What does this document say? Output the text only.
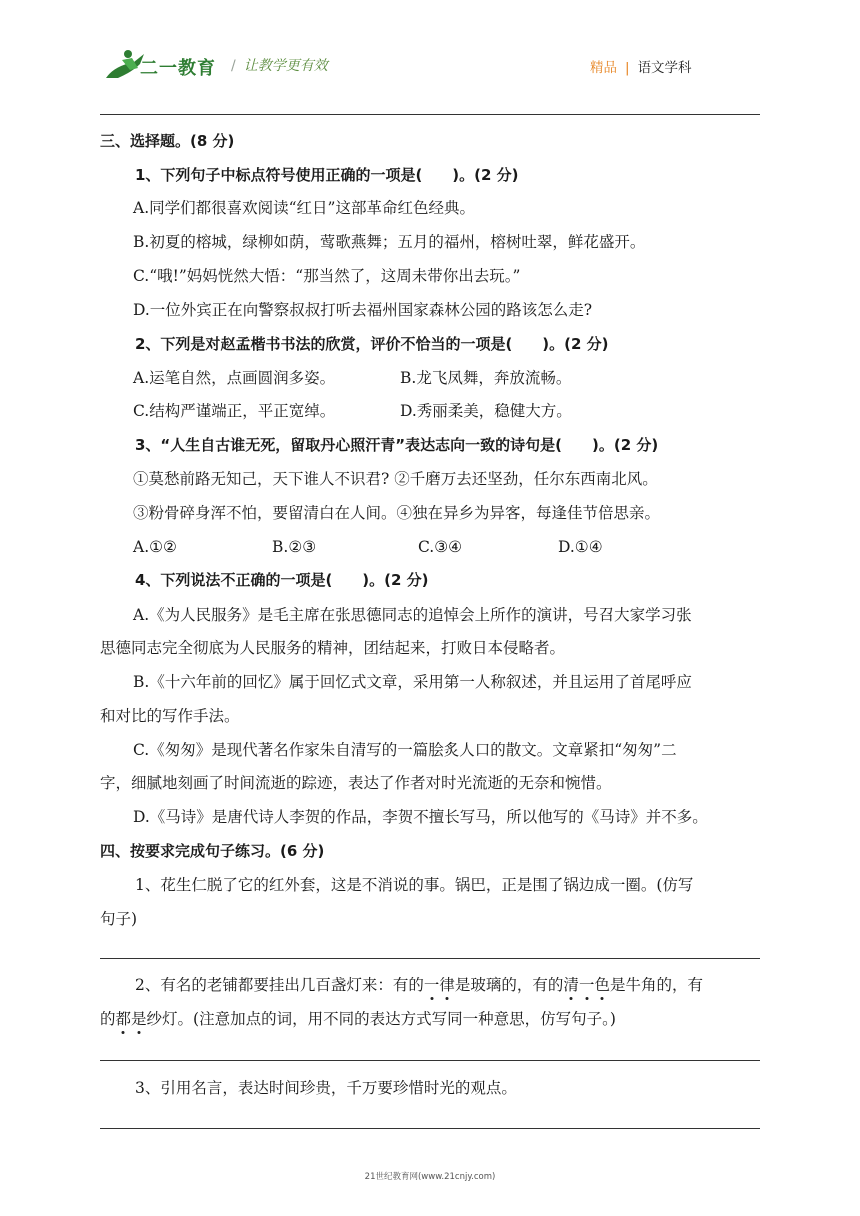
二一教育 / 让教学更有效	精品 | 语文学科
三、选择题。(8 分)
1、下列句子中标点符号使用正确的一项是(　　)。(2 分)
A.同学们都很喜欢阅读“红日”这部革命红色经典。
B.初夏的榕城，绿柳如荫，莺歌燕舞；五月的福州，榕树吐翠，鲜花盛开。
C.“哦!”妈妈恍然大悟：“那当然了，这周未带你出去玩。”
D.一位外宾正在向警察叔叔打听去福州国家森林公园的路该怎么走?
2、下列是对赵孟楷书书法的欣赏，评价不恰当的一项是(　　)。(2 分)
A.运笔自然，点画圆润多姿。	B.龙飞凤舞，奔放流畅。
C.结构严谨端正，平正宽绰。	D.秀丽柔美，稳健大方。
3、“人生自古谁无死，留取丹心照汗青”表达志向一致的诗句是(　　)。(2 分)
①莫愁前路无知己，天下谁人不识君? ②千磨万去还坚劲，任尔东西南北风。
③粉骨碎身浑不怕，要留清白在人间。④独在异乡为异客，每逢佳节倍思亲。
A.①②	B.②③	C.③④	D.①④
4、下列说法不正确的一项是(　　)。(2 分)
A.《为人民服务》是毛主席在张思德同志的追悼会上所作的演讲，号召大家学习张
思德同志完全彻底为人民服务的精神，团结起来，打败日本侵略者。
B.《十六年前的回忆》属于回忆式文章，采用第一人称叙述，并且运用了首尾呼应
和对比的写作手法。
C.《匆匆》是现代著名作家朱自清写的一篇脍炙人口的散文。文章紧扣“匆匆”二
字，细腻地刻画了时间流逝的踪迹，表达了作者对时光流逝的无奈和惋惜。
D.《马诗》是唐代诗人李贺的作品，李贺不擅长写马，所以他写的《马诗》并不多。
四、按要求完成句子练习。(6 分)
1、花生仁脱了它的红外套，这是不消说的事。锅巴，正是围了锅边成一圈。(仿写
句子)
2、有名的老铺都要挂出几百盏灯来：有的一律是玻璃的，有的清一色是牛角的，有
的都是纱灯。(注意加点的词，用不同的表达方式写同一种意思，仿写句子。)
3、引用名言，表达时间珍贵，千万要珍惜时光的观点。
21世纪教育网(www.21cnjy.com)
